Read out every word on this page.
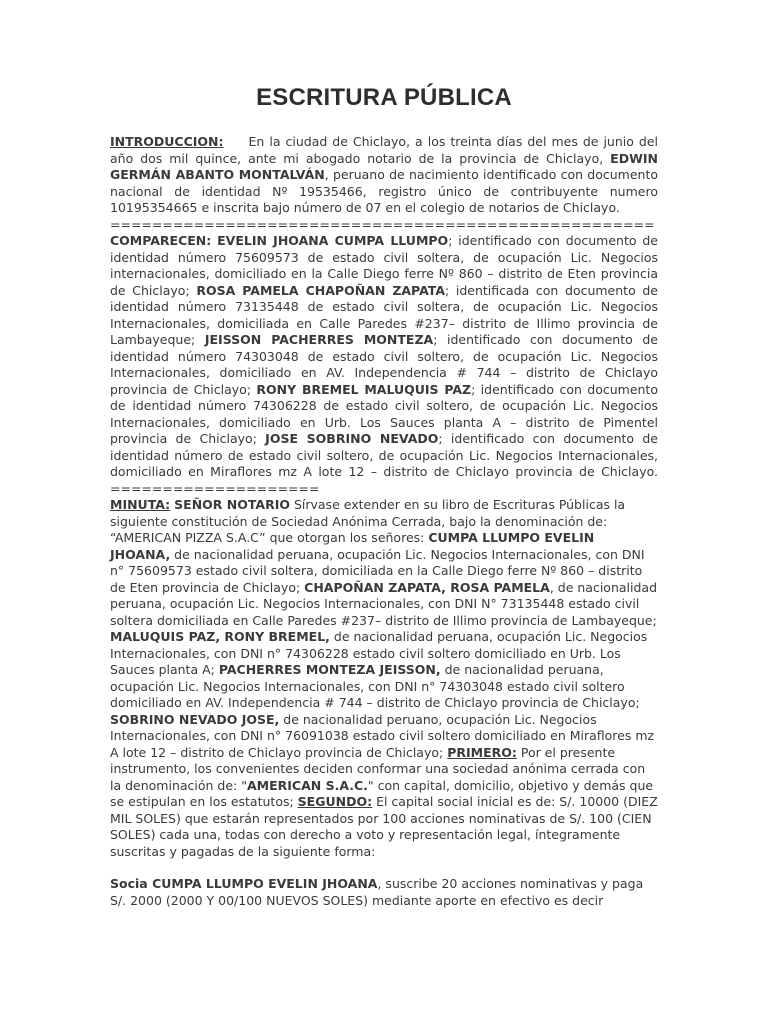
ESCRITURA PÚBLICA

INTRODUCCION: En la ciudad de Chiclayo, a los treinta días del mes de junio del año dos mil quince, ante mi abogado notario de la provincia de Chiclayo, EDWIN GERMÁN ABANTO MONTALVÁN, peruano de nacimiento identificado con documento nacional de identidad Nº 19535466, registro único de contribuyente numero 10195354665 e inscrita bajo número de 07 en el colegio de notarios de Chiclayo.

====================================================

COMPARECEN: EVELIN JHOANA CUMPA LLUMPO; identificado con documento de identidad número 75609573 de estado civil soltera, de ocupación Lic. Negocios internacionales, domiciliado en la Calle Diego ferre Nº 860 – distrito de Eten provincia de Chiclayo; ROSA PAMELA CHAPOÑAN ZAPATA; identificada con documento de identidad número 73135448 de estado civil soltera, de ocupación Lic. Negocios Internacionales, domiciliada en Calle Paredes #237– distrito de Illimo provincia de Lambayeque; JEISSON PACHERRES MONTEZA; identificado con documento de identidad número 74303048 de estado civil soltero, de ocupación Lic. Negocios Internacionales, domiciliado en AV. Independencia # 744 – distrito de Chiclayo provincia de Chiclayo; RONY BREMEL MALUQUIS PAZ; identificado con documento de identidad número 74306228 de estado civil soltero, de ocupación Lic. Negocios Internacionales, domiciliado en Urb. Los Sauces planta A – distrito de Pimentel provincia de Chiclayo; JOSE SOBRINO NEVADO; identificado con documento de identidad número de estado civil soltero, de ocupación Lic. Negocios Internacionales, domiciliado en Miraflores mz A lote 12 – distrito de Chiclayo provincia de Chiclayo. ====================

MINUTA: SEÑOR NOTARIO Sírvase extender en su libro de Escrituras Públicas la siguiente constitución de Sociedad Anónima Cerrada, bajo la denominación de: “AMERICAN PIZZA S.A.C” que otorgan los señores: CUMPA LLUMPO EVELIN JHOANA, de nacionalidad peruana, ocupación Lic. Negocios Internacionales, con DNI n° 75609573 estado civil soltera, domiciliada en la Calle Diego ferre Nº 860 – distrito de Eten provincia de Chiclayo; CHAPOÑAN ZAPATA, ROSA PAMELA, de nacionalidad peruana, ocupación Lic. Negocios Internacionales, con DNI N° 73135448 estado civil soltera domiciliada en Calle Paredes #237– distrito de Illimo provincia de Lambayeque; MALUQUIS PAZ, RONY BREMEL, de nacionalidad peruana, ocupación Lic. Negocios Internacionales, con DNI n° 74306228 estado civil soltero domiciliado en Urb. Los Sauces planta A; PACHERRES MONTEZA JEISSON, de nacionalidad peruana, ocupación Lic. Negocios Internacionales, con DNI n° 74303048 estado civil soltero domiciliado en AV. Independencia # 744 – distrito de Chiclayo provincia de Chiclayo; SOBRINO NEVADO JOSE, de nacionalidad peruano, ocupación Lic. Negocios Internacionales, con DNI n° 76091038 estado civil soltero domiciliado en Miraflores mz A lote 12 – distrito de Chiclayo provincia de Chiclayo; PRIMERO: Por el presente instrumento, los convenientes deciden conformar una sociedad anónima cerrada con la denominación de: "AMERICAN S.A.C." con capital, domicilio, objetivo y demás que se estipulan en los estatutos; SEGUNDO: El capital social inicial es de: S/. 10000 (DIEZ MIL SOLES) que estarán representados por 100 acciones nominativas de S/. 100 (CIEN SOLES) cada una, todas con derecho a voto y representación legal, íntegramente suscritas y pagadas de la siguiente forma:

Socia CUMPA LLUMPO EVELIN JHOANA, suscribe 20 acciones nominativas y paga S/. 2000 (2000 Y 00/100 NUEVOS SOLES) mediante aporte en efectivo es decir
